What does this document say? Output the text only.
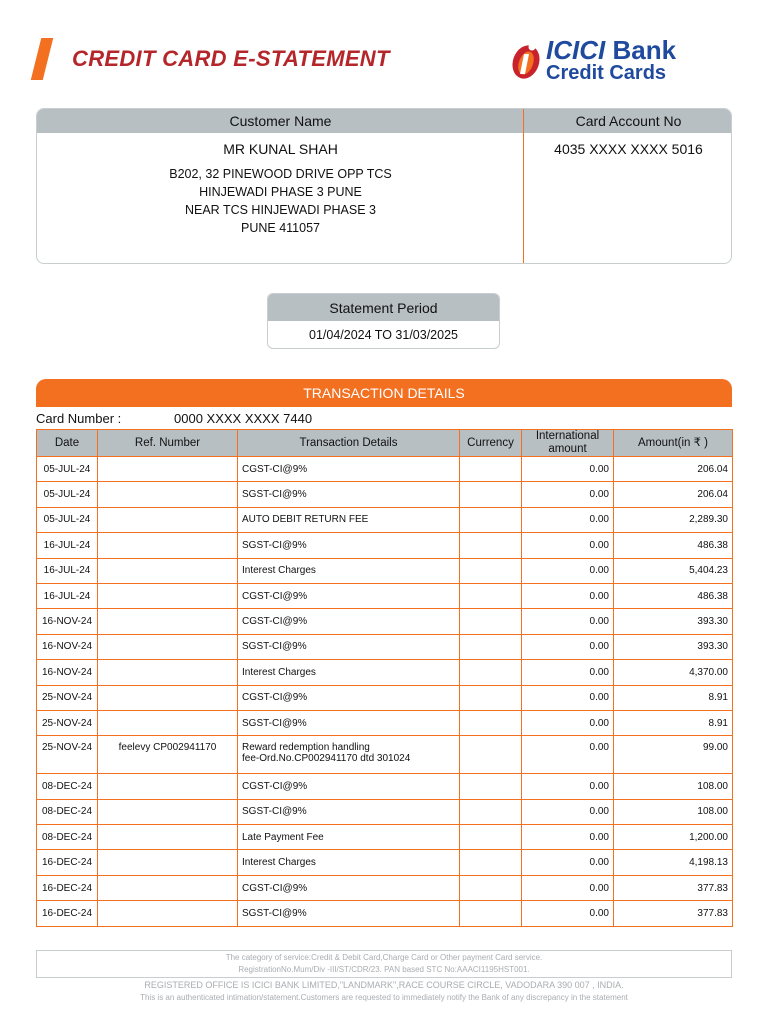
CREDIT CARD E-STATEMENT	ICICI Bank
Credit Cards
Customer Name	Card Account No
MR KUNAL SHAH
B202, 32 PINEWOOD DRIVE OPP TCS
HINJEWADI PHASE 3 PUNE
NEAR TCS HINJEWADI PHASE 3
PUNE 411057
4035 XXXX XXXX 5016
Statement Period
01/04/2024 TO 31/03/2025
TRANSACTION DETAILS
Card Number :	0000 XXXX XXXX 7440
Date	Ref. Number	Transaction Details	Currency	International amount	Amount(in ₹ )
05-JUL-24		CGST-CI@9%		0.00	206.04
05-JUL-24		SGST-CI@9%		0.00	206.04
05-JUL-24		AUTO DEBIT RETURN FEE		0.00	2,289.30
16-JUL-24		SGST-CI@9%		0.00	486.38
16-JUL-24		Interest Charges		0.00	5,404.23
16-JUL-24		CGST-CI@9%		0.00	486.38
16-NOV-24		CGST-CI@9%		0.00	393.30
16-NOV-24		SGST-CI@9%		0.00	393.30
16-NOV-24		Interest Charges		0.00	4,370.00
25-NOV-24		CGST-CI@9%		0.00	8.91
25-NOV-24		SGST-CI@9%		0.00	8.91
25-NOV-24	feelevy CP002941170	Reward redemption handling
fee-Ord.No.CP002941170 dtd 301024		0.00	99.00
08-DEC-24		CGST-CI@9%		0.00	108.00
08-DEC-24		SGST-CI@9%		0.00	108.00
08-DEC-24		Late Payment Fee		0.00	1,200.00
16-DEC-24		Interest Charges		0.00	4,198.13
16-DEC-24		CGST-CI@9%		0.00	377.83
16-DEC-24		SGST-CI@9%		0.00	377.83
The category of service:Credit & Debit Card,Charge Card or Other payment Card service.
RegistrationNo.Mum/Div -III/ST/CDR/23. PAN based STC No:AAACI1195HST001.
REGISTERED OFFICE IS ICICI BANK LIMITED,"LANDMARK",RACE COURSE CIRCLE, VADODARA 390 007 , INDIA.
This is an authenticated intimation/statement.Customers are requested to immediately notify the Bank of any discrepancy in the statement
